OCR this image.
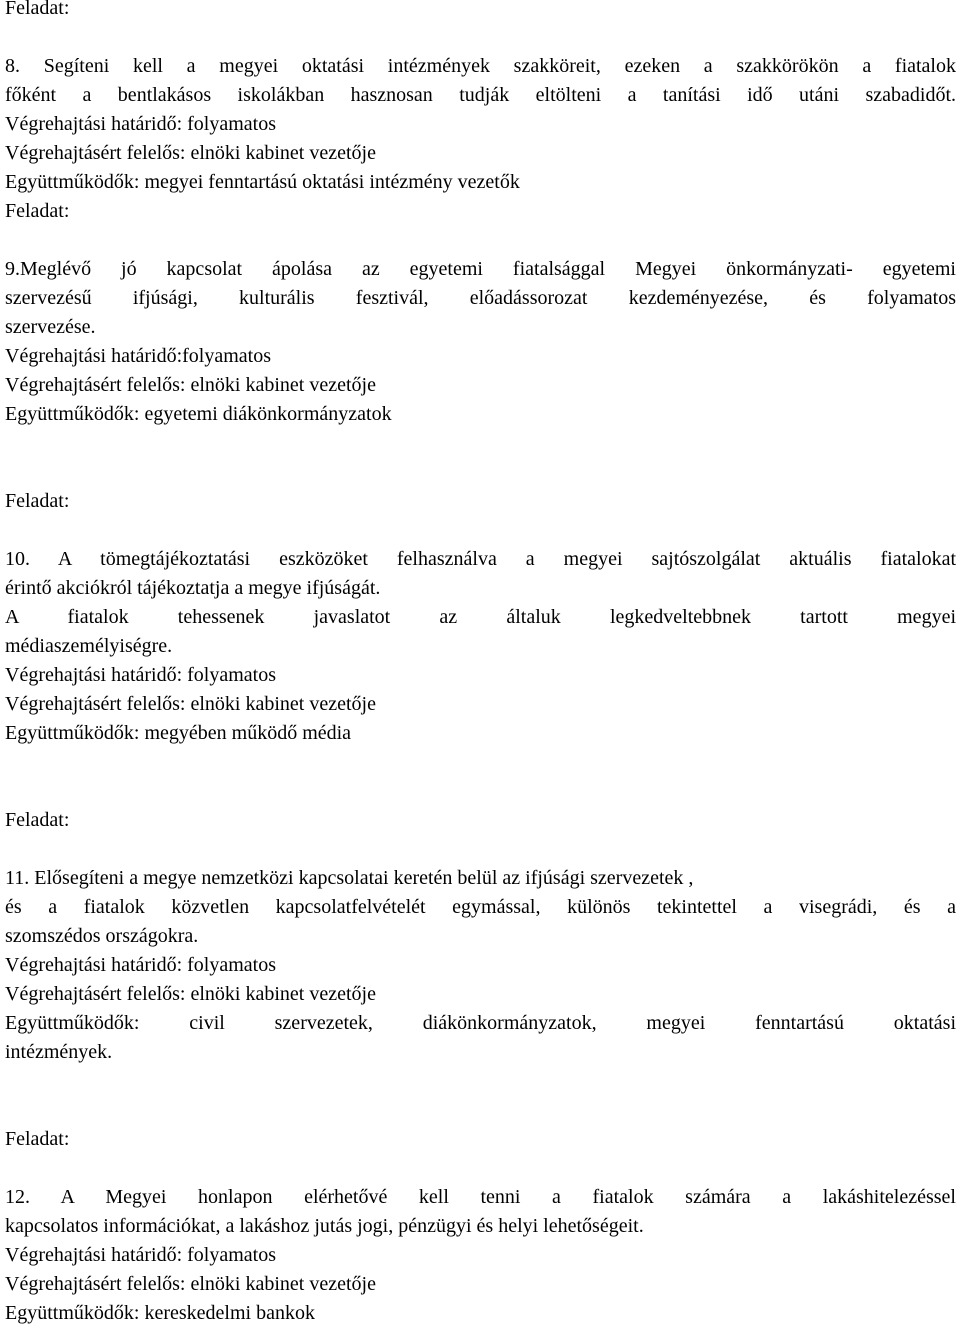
Feladat:
8. Segíteni kell a megyei oktatási intézmények szakköreit, ezeken a szakkörökön a fiatalok
főként a bentlakásos iskolákban hasznosan tudják eltölteni a tanítási idő utáni szabadidőt.
Végrehajtási határidő: folyamatos
Végrehajtásért felelős: elnöki kabinet vezetője
Együttműködők: megyei fenntartású oktatási intézmény vezetők
Feladat:
9.Meglévő jó kapcsolat ápolása az egyetemi fiatalsággal Megyei önkormányzati- egyetemi
szervezésű ifjúsági, kulturális fesztivál, előadássorozat kezdeményezése, és folyamatos
szervezése.
Végrehajtási határidő:folyamatos
Végrehajtásért felelős: elnöki kabinet vezetője
Együttműködők: egyetemi diákönkormányzatok
Feladat:
10. A tömegtájékoztatási eszközöket felhasználva a megyei sajtószolgálat aktuális fiatalokat
érintő akciókról tájékoztatja a megye ifjúságát.
A fiatalok tehessenek javaslatot az általuk legkedveltebbnek tartott megyei
médiaszemélyiségre.
Végrehajtási határidő: folyamatos
Végrehajtásért felelős: elnöki kabinet vezetője
Együttműködők: megyében működő média
Feladat:
11. Elősegíteni a megye nemzetközi kapcsolatai keretén belül az ifjúsági szervezetek ,
és a fiatalok közvetlen kapcsolatfelvételét egymással, különös tekintettel a visegrádi, és a
szomszédos országokra.
Végrehajtási határidő: folyamatos
Végrehajtásért felelős: elnöki kabinet vezetője
Együttműködők: civil szervezetek, diákönkormányzatok, megyei fenntartású oktatási
intézmények.
Feladat:
12. A Megyei honlapon elérhetővé kell tenni a fiatalok számára a lakáshitelezéssel
kapcsolatos információkat, a lakáshoz jutás jogi, pénzügyi és helyi lehetőségeit.
Végrehajtási határidő: folyamatos
Végrehajtásért felelős: elnöki kabinet vezetője
Együttműködők: kereskedelmi bankok
